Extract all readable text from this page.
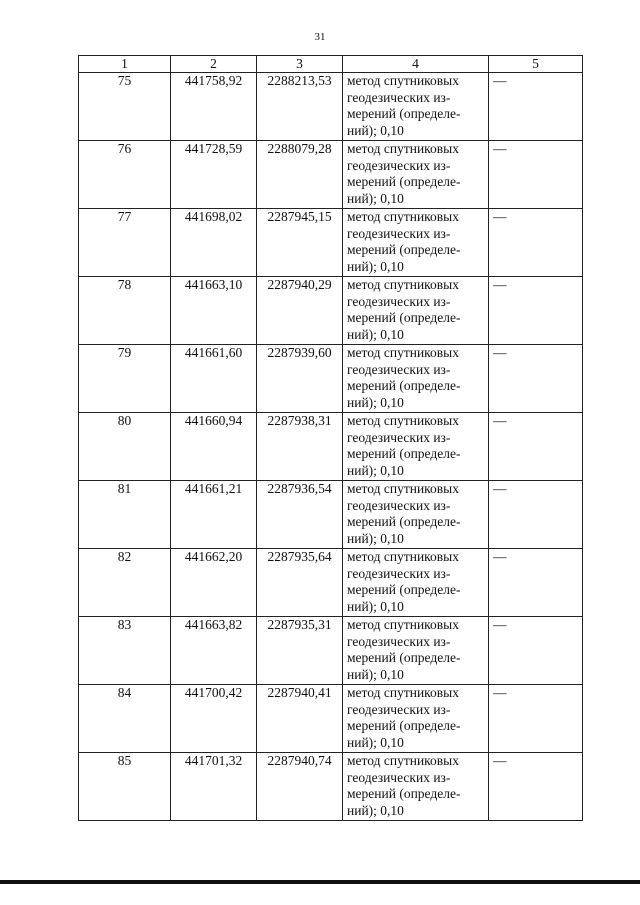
31
1	2	3	4	5
75	441758,92	2288213,53	метод спутниковых
геодезических из-
мерений (определе-
ний); 0,10	—
76	441728,59	2288079,28	метод спутниковых
геодезических из-
мерений (определе-
ний); 0,10	—
77	441698,02	2287945,15	метод спутниковых
геодезических из-
мерений (определе-
ний); 0,10	—
78	441663,10	2287940,29	метод спутниковых
геодезических из-
мерений (определе-
ний); 0,10	—
79	441661,60	2287939,60	метод спутниковых
геодезических из-
мерений (определе-
ний); 0,10	—
80	441660,94	2287938,31	метод спутниковых
геодезических из-
мерений (определе-
ний); 0,10	—
81	441661,21	2287936,54	метод спутниковых
геодезических из-
мерений (определе-
ний); 0,10	—
82	441662,20	2287935,64	метод спутниковых
геодезических из-
мерений (определе-
ний); 0,10	—
83	441663,82	2287935,31	метод спутниковых
геодезических из-
мерений (определе-
ний); 0,10	—
84	441700,42	2287940,41	метод спутниковых
геодезических из-
мерений (определе-
ний); 0,10	—
85	441701,32	2287940,74	метод спутниковых
геодезических из-
мерений (определе-
ний); 0,10	—
